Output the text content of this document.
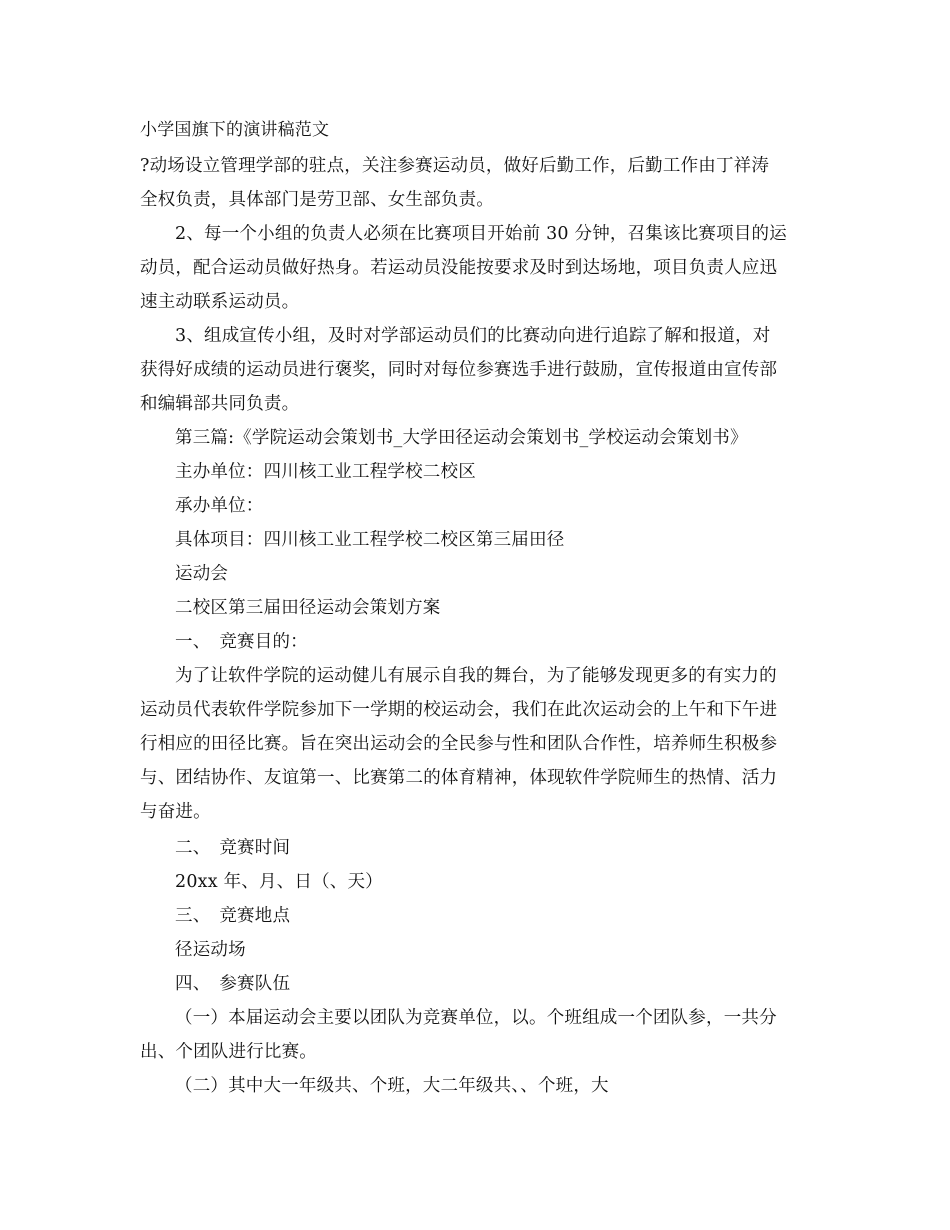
小学国旗下的演讲稿范文
?动场设立管理学部的驻点，关注参赛运动员，做好后勤工作，后勤工作由丁祥涛
全权负责，具体部门是劳卫部、女生部负责。
2、每一个小组的负责人必须在比赛项目开始前 30 分钟，召集该比赛项目的运
动员，配合运动员做好热身。若运动员没能按要求及时到达场地，项目负责人应迅
速主动联系运动员。
3、组成宣传小组，及时对学部运动员们的比赛动向进行追踪了解和报道，对
获得好成绩的运动员进行褒奖，同时对每位参赛选手进行鼓励，宣传报道由宣传部
和编辑部共同负责。
第三篇:《学院运动会策划书_大学田径运动会策划书_学校运动会策划书》
主办单位：四川核工业工程学校二校区
承办单位：
具体项目：四川核工业工程学校二校区第三届田径
运动会
二校区第三届田径运动会策划方案
一、　竞赛目的：
为了让软件学院的运动健儿有展示自我的舞台，为了能够发现更多的有实力的
运动员代表软件学院参加下一学期的校运动会，我们在此次运动会的上午和下午进
行相应的田径比赛。旨在突出运动会的全民参与性和团队合作性，培养师生积极参
与、团结协作、友谊第一、比赛第二的体育精神，体现软件学院师生的热情、活力
与奋进。
二、　竞赛时间
20xx 年、月、日（、天）
三、　竞赛地点
径运动场
四、　参赛队伍
（一）本届运动会主要以团队为竞赛单位，以。个班组成一个团队参，一共分
出、个团队进行比赛。
（二）其中大一年级共、个班，大二年级共、、个班，大
